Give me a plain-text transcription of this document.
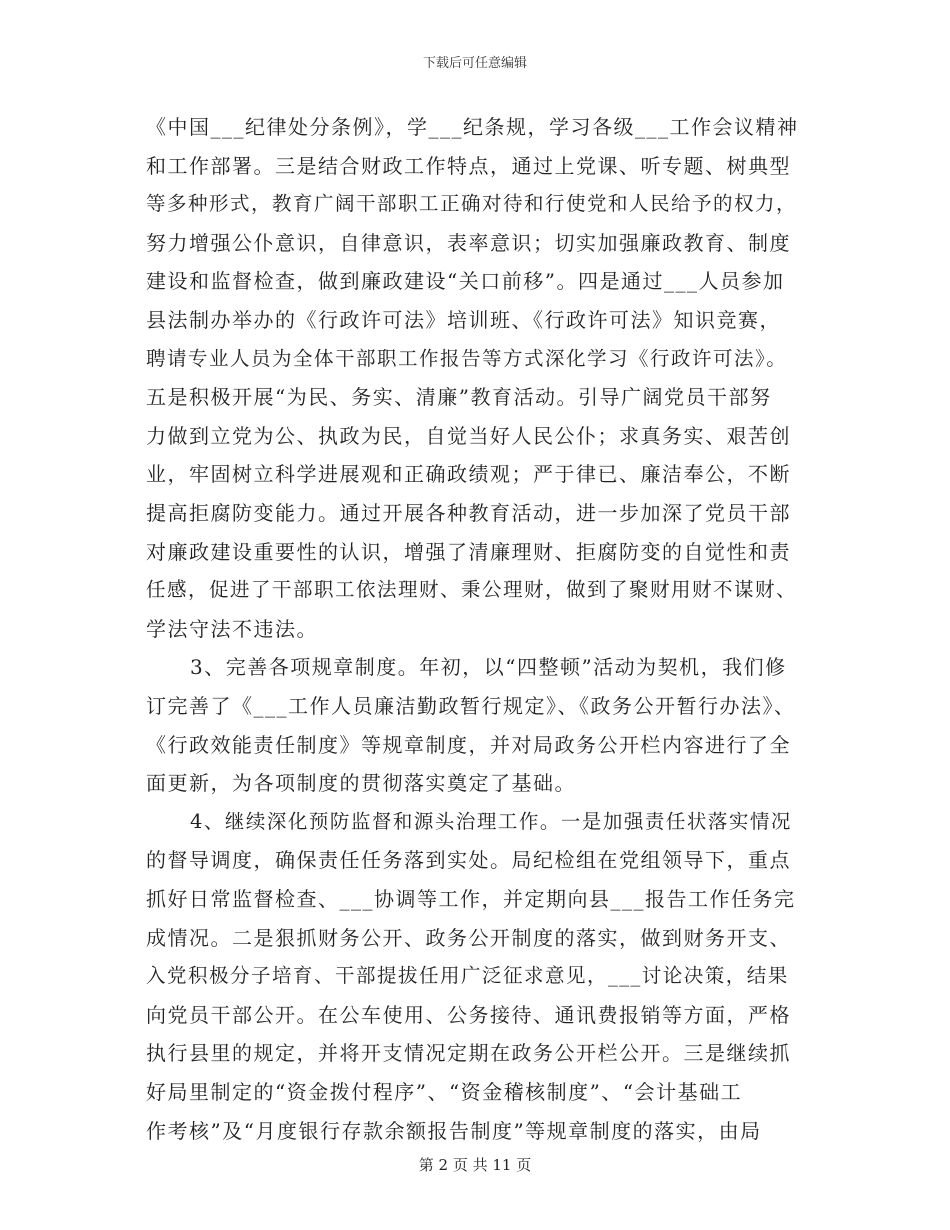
下载后可任意编辑
《中国___纪律处分条例》，学___纪条规，学习各级___工作会议精神
和工作部署。三是结合财政工作特点，通过上党课、听专题、树典型
等多种形式，教育广阔干部职工正确对待和行使党和人民给予的权力，
努力增强公仆意识，自律意识，表率意识；切实加强廉政教育、制度
建设和监督检查，做到廉政建设“关口前移”。四是通过___人员参加
县法制办举办的《行政许可法》培训班、《行政许可法》知识竞赛，
聘请专业人员为全体干部职工作报告等方式深化学习《行政许可法》。
五是积极开展“为民、务实、清廉”教育活动。引导广阔党员干部努
力做到立党为公、执政为民，自觉当好人民公仆；求真务实、艰苦创
业，牢固树立科学进展观和正确政绩观；严于律已、廉洁奉公，不断
提高拒腐防变能力。通过开展各种教育活动，进一步加深了党员干部
对廉政建设重要性的认识，增强了清廉理财、拒腐防变的自觉性和责
任感，促进了干部职工依法理财、秉公理财，做到了聚财用财不谋财、
学法守法不违法。
3、完善各项规章制度。年初，以“四整顿”活动为契机，我们修
订完善了《___工作人员廉洁勤政暂行规定》、《政务公开暂行办法》、
《行政效能责任制度》等规章制度，并对局政务公开栏内容进行了全
面更新，为各项制度的贯彻落实奠定了基础。
4、继续深化预防监督和源头治理工作。一是加强责任状落实情况
的督导调度，确保责任任务落到实处。局纪检组在党组领导下，重点
抓好日常监督检查、___协调等工作，并定期向县___报告工作任务完
成情况。二是狠抓财务公开、政务公开制度的落实，做到财务开支、
入党积极分子培育、干部提拔任用广泛征求意见，___讨论决策，结果
向党员干部公开。在公车使用、公务接待、通讯费报销等方面，严格
执行县里的规定，并将开支情况定期在政务公开栏公开。三是继续抓
好局里制定的“资金拨付程序”、“资金稽核制度”、“会计基础工
作考核”及“月度银行存款余额报告制度”等规章制度的落实，由局
第 2 页 共 11 页
